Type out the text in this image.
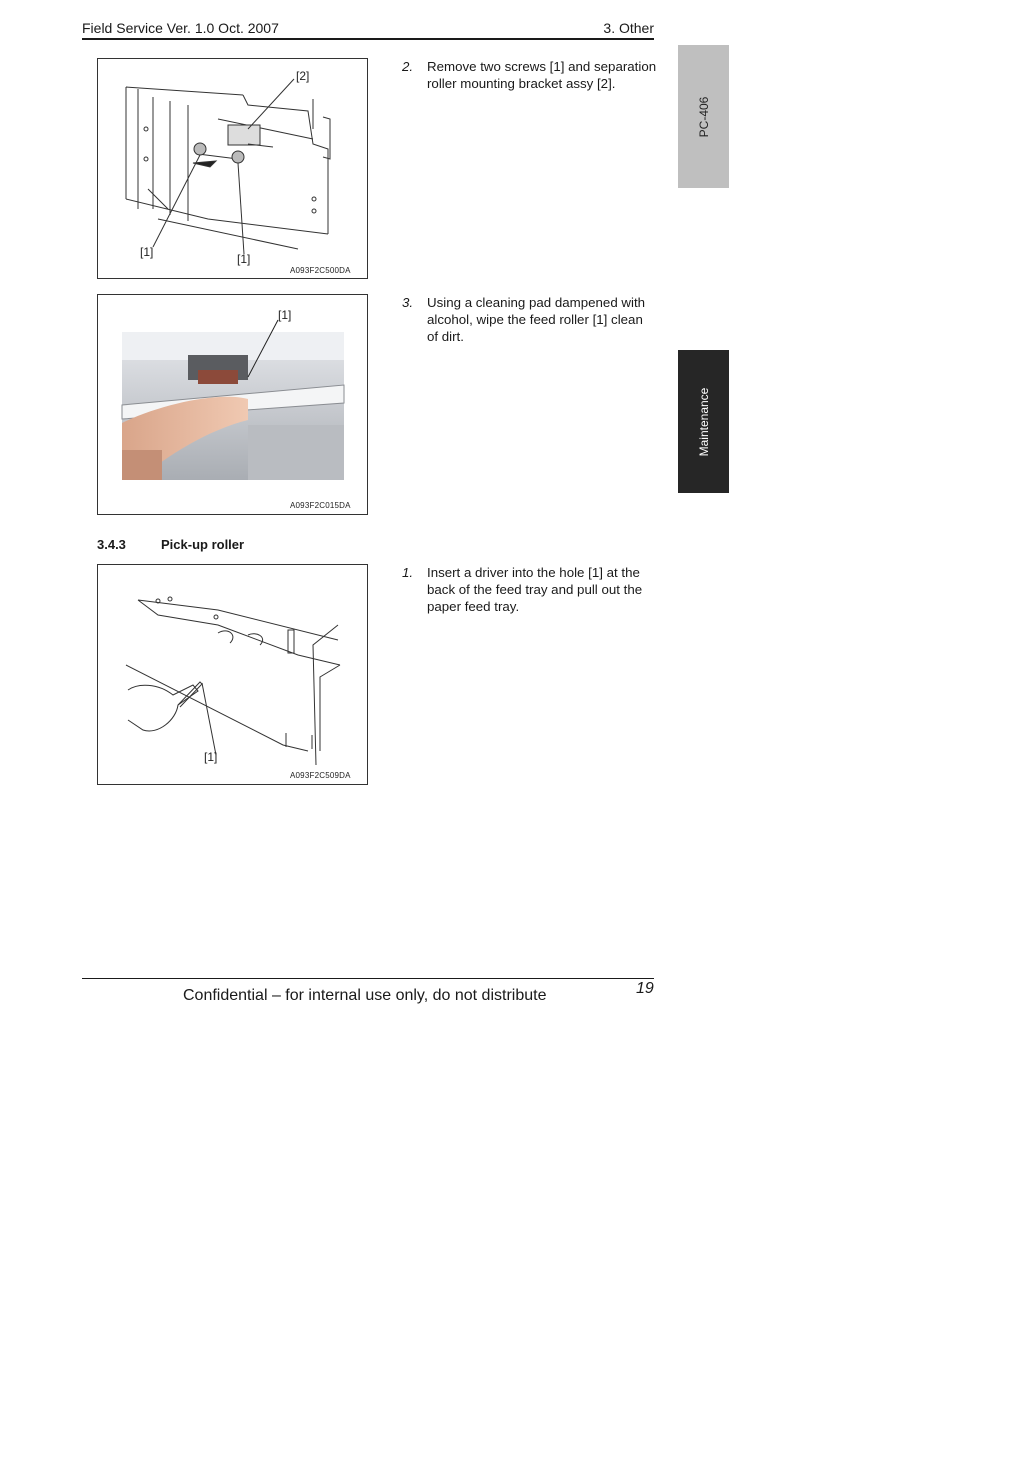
Field Service Ver. 1.0 Oct. 2007	3. Other
[2]
[1]	[1]
A093F2C500DA
[1]
A093F2C015DA
3.4.3	Pick-up roller
[1]
A093F2C509DA
2. Remove two screws [1] and separation roller mounting bracket assy [2].
3. Using a cleaning pad dampened with alcohol, wipe the feed roller [1] clean of dirt.
1. Insert a driver into the hole [1] at the back of the feed tray and pull out the paper feed tray.
PC-406
Maintenance
Confidential – for internal use only, do not distribute	19
